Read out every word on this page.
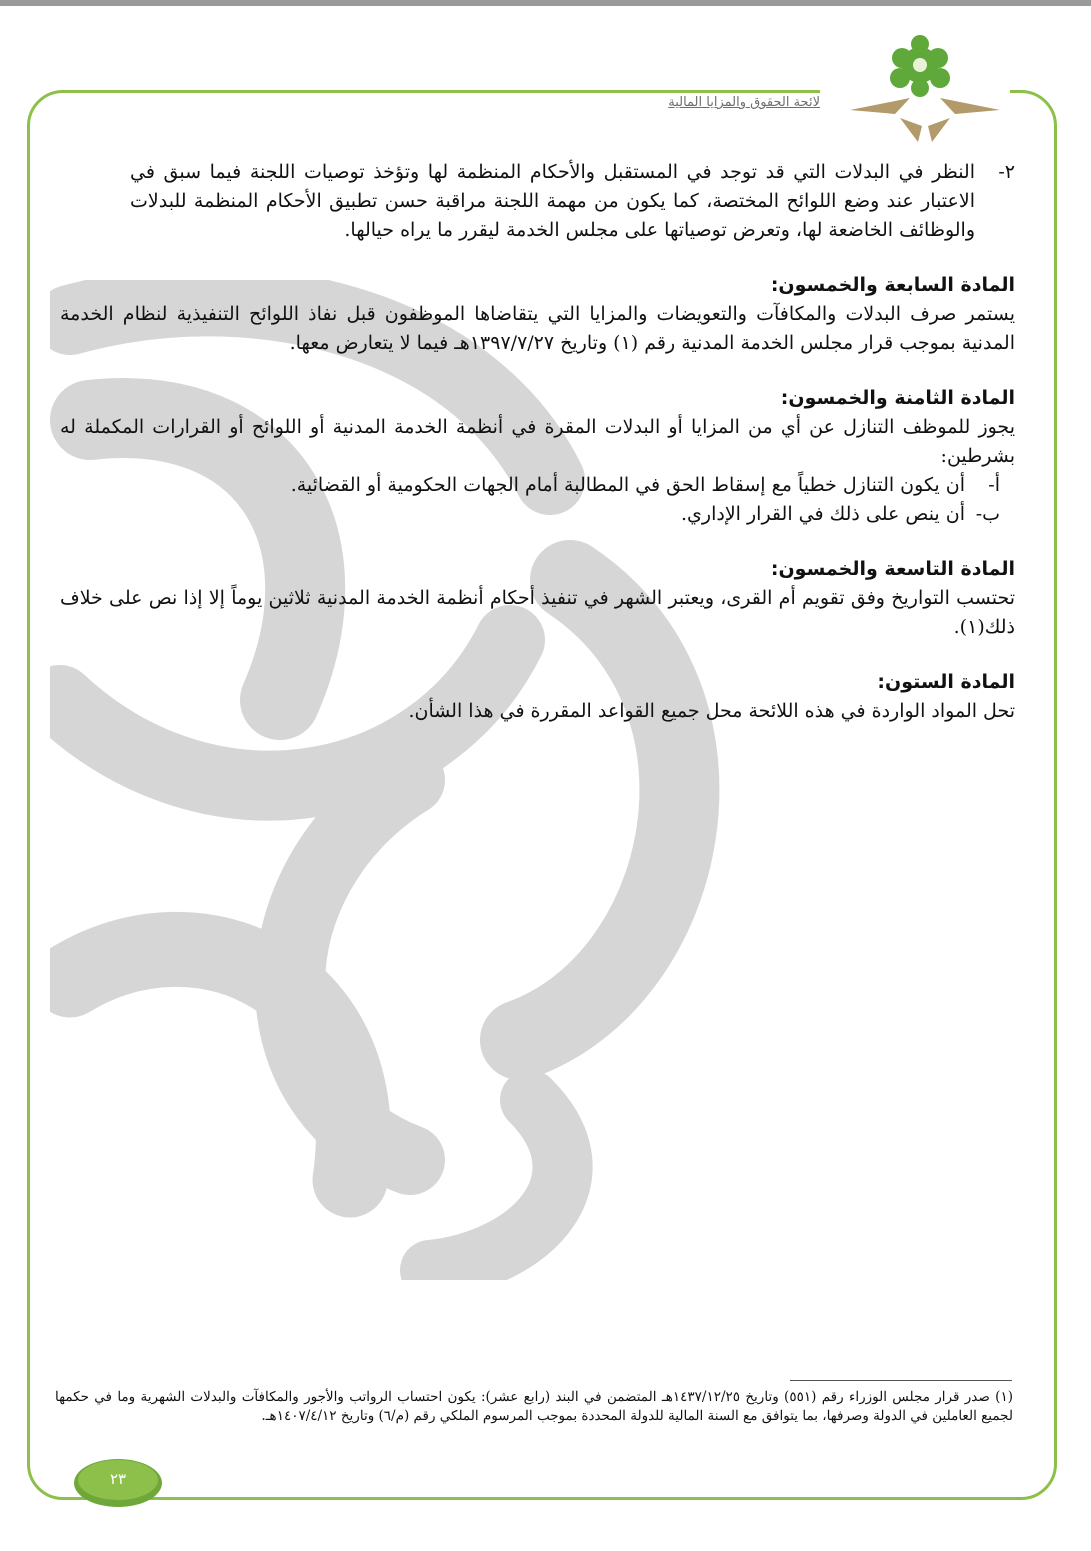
لائحة الحقوق والمزايا المالية
٢-
النظر في البدلات التي قد توجد في المستقبل والأحكام المنظمة لها وتؤخذ توصيات اللجنة فيما سبق في الاعتبار عند وضع اللوائح المختصة، كما يكون من مهمة اللجنة مراقبة حسن تطبيق الأحكام المنظمة للبدلات والوظائف الخاضعة لها، وتعرض توصياتها على مجلس الخدمة ليقرر ما يراه حيالها.
المادة السابعة والخمسون:
يستمر صرف البدلات والمكافآت والتعويضات والمزايا التي يتقاضاها الموظفون قبل نفاذ اللوائح التنفيذية لنظام الخدمة المدنية بموجب قرار مجلس الخدمة المدنية رقم (١) وتاريخ ١٣٩٧/٧/٢٧هـ فيما لا يتعارض معها.
المادة الثامنة والخمسون:
يجوز للموظف التنازل عن أي من المزايا أو البدلات المقرة في أنظمة الخدمة المدنية أو اللوائح أو القرارات المكملة له بشرطين:
أ-
أن يكون التنازل خطياً مع إسقاط الحق في المطالبة أمام الجهات الحكومية أو القضائية.
ب-
أن ينص على ذلك في القرار الإداري.
المادة التاسعة والخمسون:
تحتسب التواريخ وفق تقويم أم القرى، ويعتبر الشهر في تنفيذ أحكام أنظمة الخدمة المدنية ثلاثين يوماً إلا إذا نص على خلاف ذلك(١).
المادة الستون:
تحل المواد الواردة في هذه اللائحة محل جميع القواعد المقررة في هذا الشأن.
(١) صدر قرار مجلس الوزراء رقم (٥٥١) وتاريخ ١٤٣٧/١٢/٢٥هـ المتضمن في البند (رابع عشر): يكون احتساب الرواتب والأجور والمكافآت والبدلات الشهرية وما في حكمها لجميع العاملين في الدولة وصرفها، بما يتوافق مع السنة المالية للدولة المحددة بموجب المرسوم الملكي رقم (م/٦) وتاريخ ١٤٠٧/٤/١٢هـ.
٢٣
